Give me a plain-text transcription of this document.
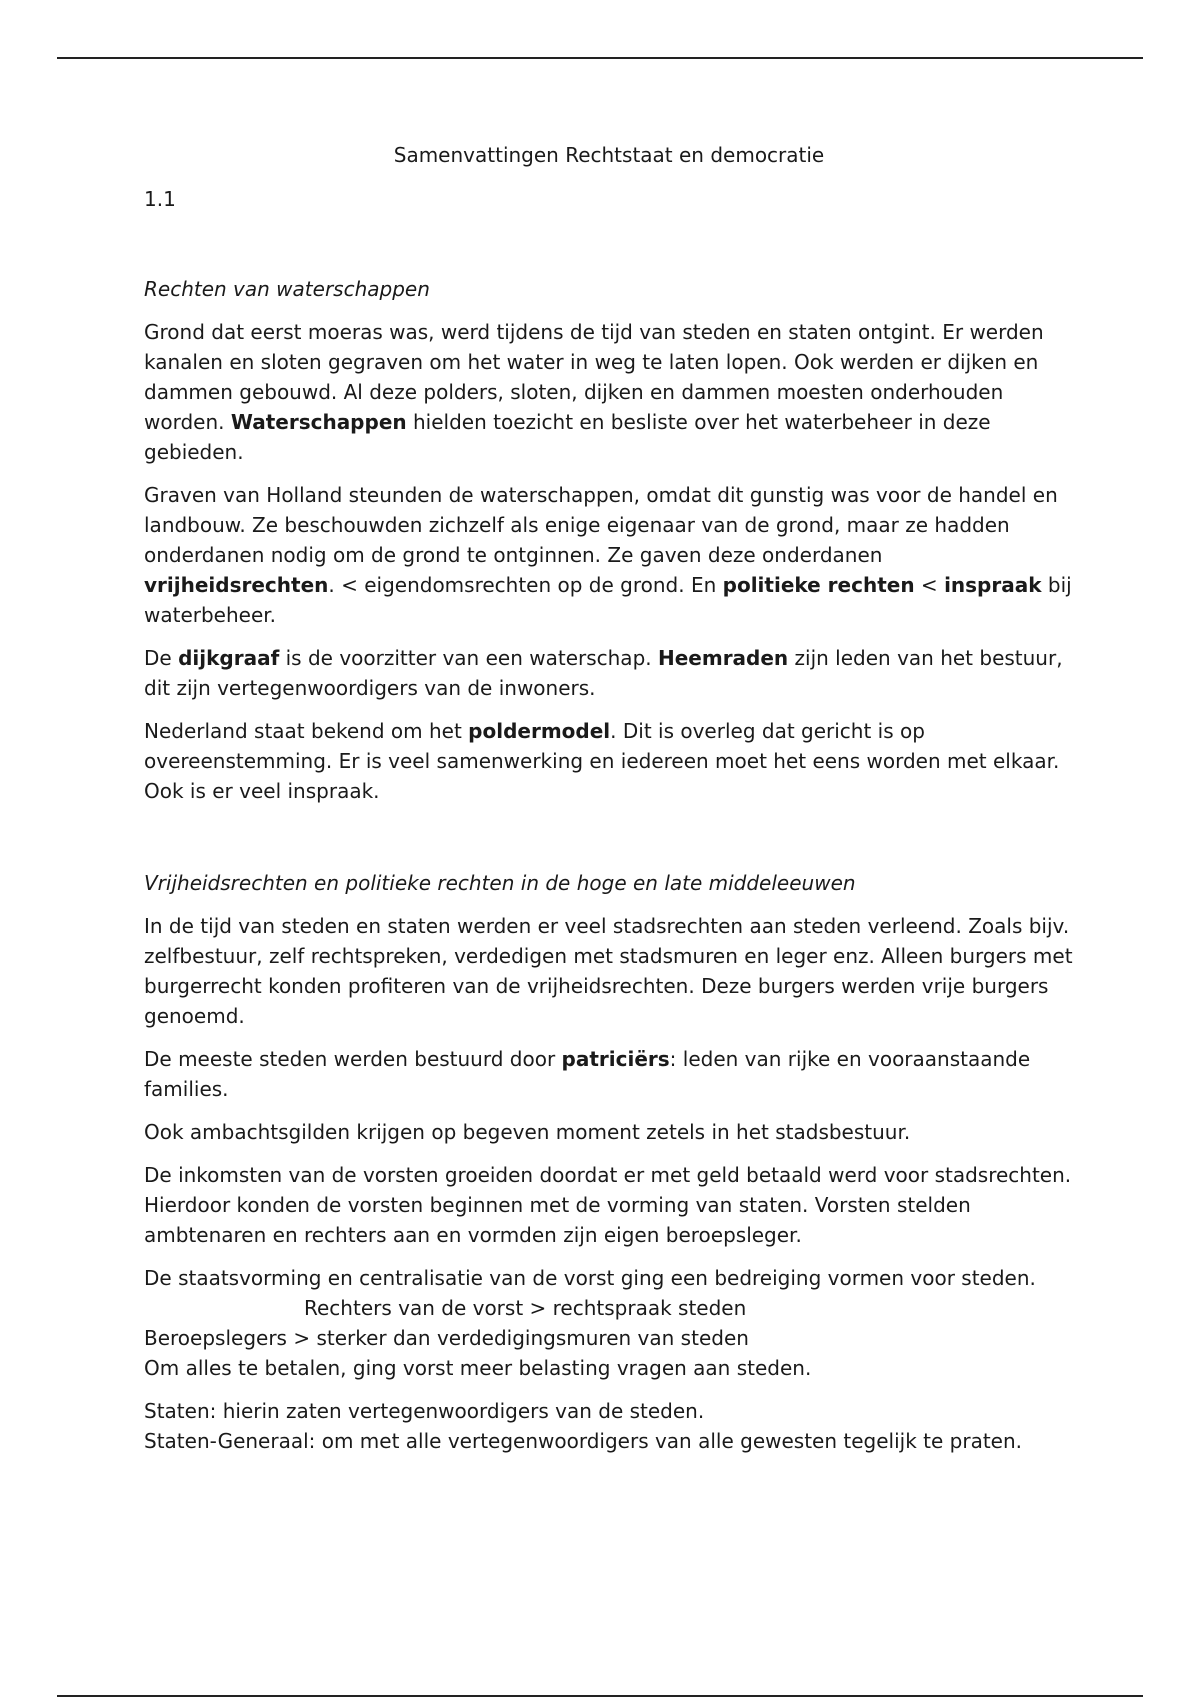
Samenvattingen Rechtstaat en democratie

1.1

Rechten van waterschappen

Grond dat eerst moeras was, werd tijdens de tijd van steden en staten ontgint. Er werden kanalen en sloten gegraven om het water in weg te laten lopen. Ook werden er dijken en dammen gebouwd. Al deze polders, sloten, dijken en dammen moesten onderhouden worden. Waterschappen hielden toezicht en besliste over het waterbeheer in deze gebieden.

Graven van Holland steunden de waterschappen, omdat dit gunstig was voor de handel en landbouw. Ze beschouwden zichzelf als enige eigenaar van de grond, maar ze hadden onderdanen nodig om de grond te ontginnen. Ze gaven deze onderdanen vrijheidsrechten. < eigendomsrechten op de grond. En politieke rechten < inspraak bij waterbeheer.

De dijkgraaf is de voorzitter van een waterschap. Heemraden zijn leden van het bestuur, dit zijn vertegenwoordigers van de inwoners.

Nederland staat bekend om het poldermodel. Dit is overleg dat gericht is op overeenstemming. Er is veel samenwerking en iedereen moet het eens worden met elkaar. Ook is er veel inspraak.

Vrijheidsrechten en politieke rechten in de hoge en late middeleeuwen

In de tijd van steden en staten werden er veel stadsrechten aan steden verleend. Zoals bijv. zelfbestuur, zelf rechtspreken, verdedigen met stadsmuren en leger enz. Alleen burgers met burgerrecht konden profiteren van de vrijheidsrechten. Deze burgers werden vrije burgers genoemd.

De meeste steden werden bestuurd door patriciërs: leden van rijke en vooraanstaande families.

Ook ambachtsgilden krijgen op begeven moment zetels in het stadsbestuur.

De inkomsten van de vorsten groeiden doordat er met geld betaald werd voor stadsrechten. Hierdoor konden de vorsten beginnen met de vorming van staten. Vorsten stelden ambtenaren en rechters aan en vormden zijn eigen beroepsleger.

De staatsvorming en centralisatie van de vorst ging een bedreiging vormen voor steden.Rechters van de vorst > rechtspraak steden
Beroepslegers > sterker dan verdedigingsmuren van steden
Om alles te betalen, ging vorst meer belasting vragen aan steden.

Staten: hierin zaten vertegenwoordigers van de steden.
Staten-Generaal: om met alle vertegenwoordigers van alle gewesten tegelijk te praten.
